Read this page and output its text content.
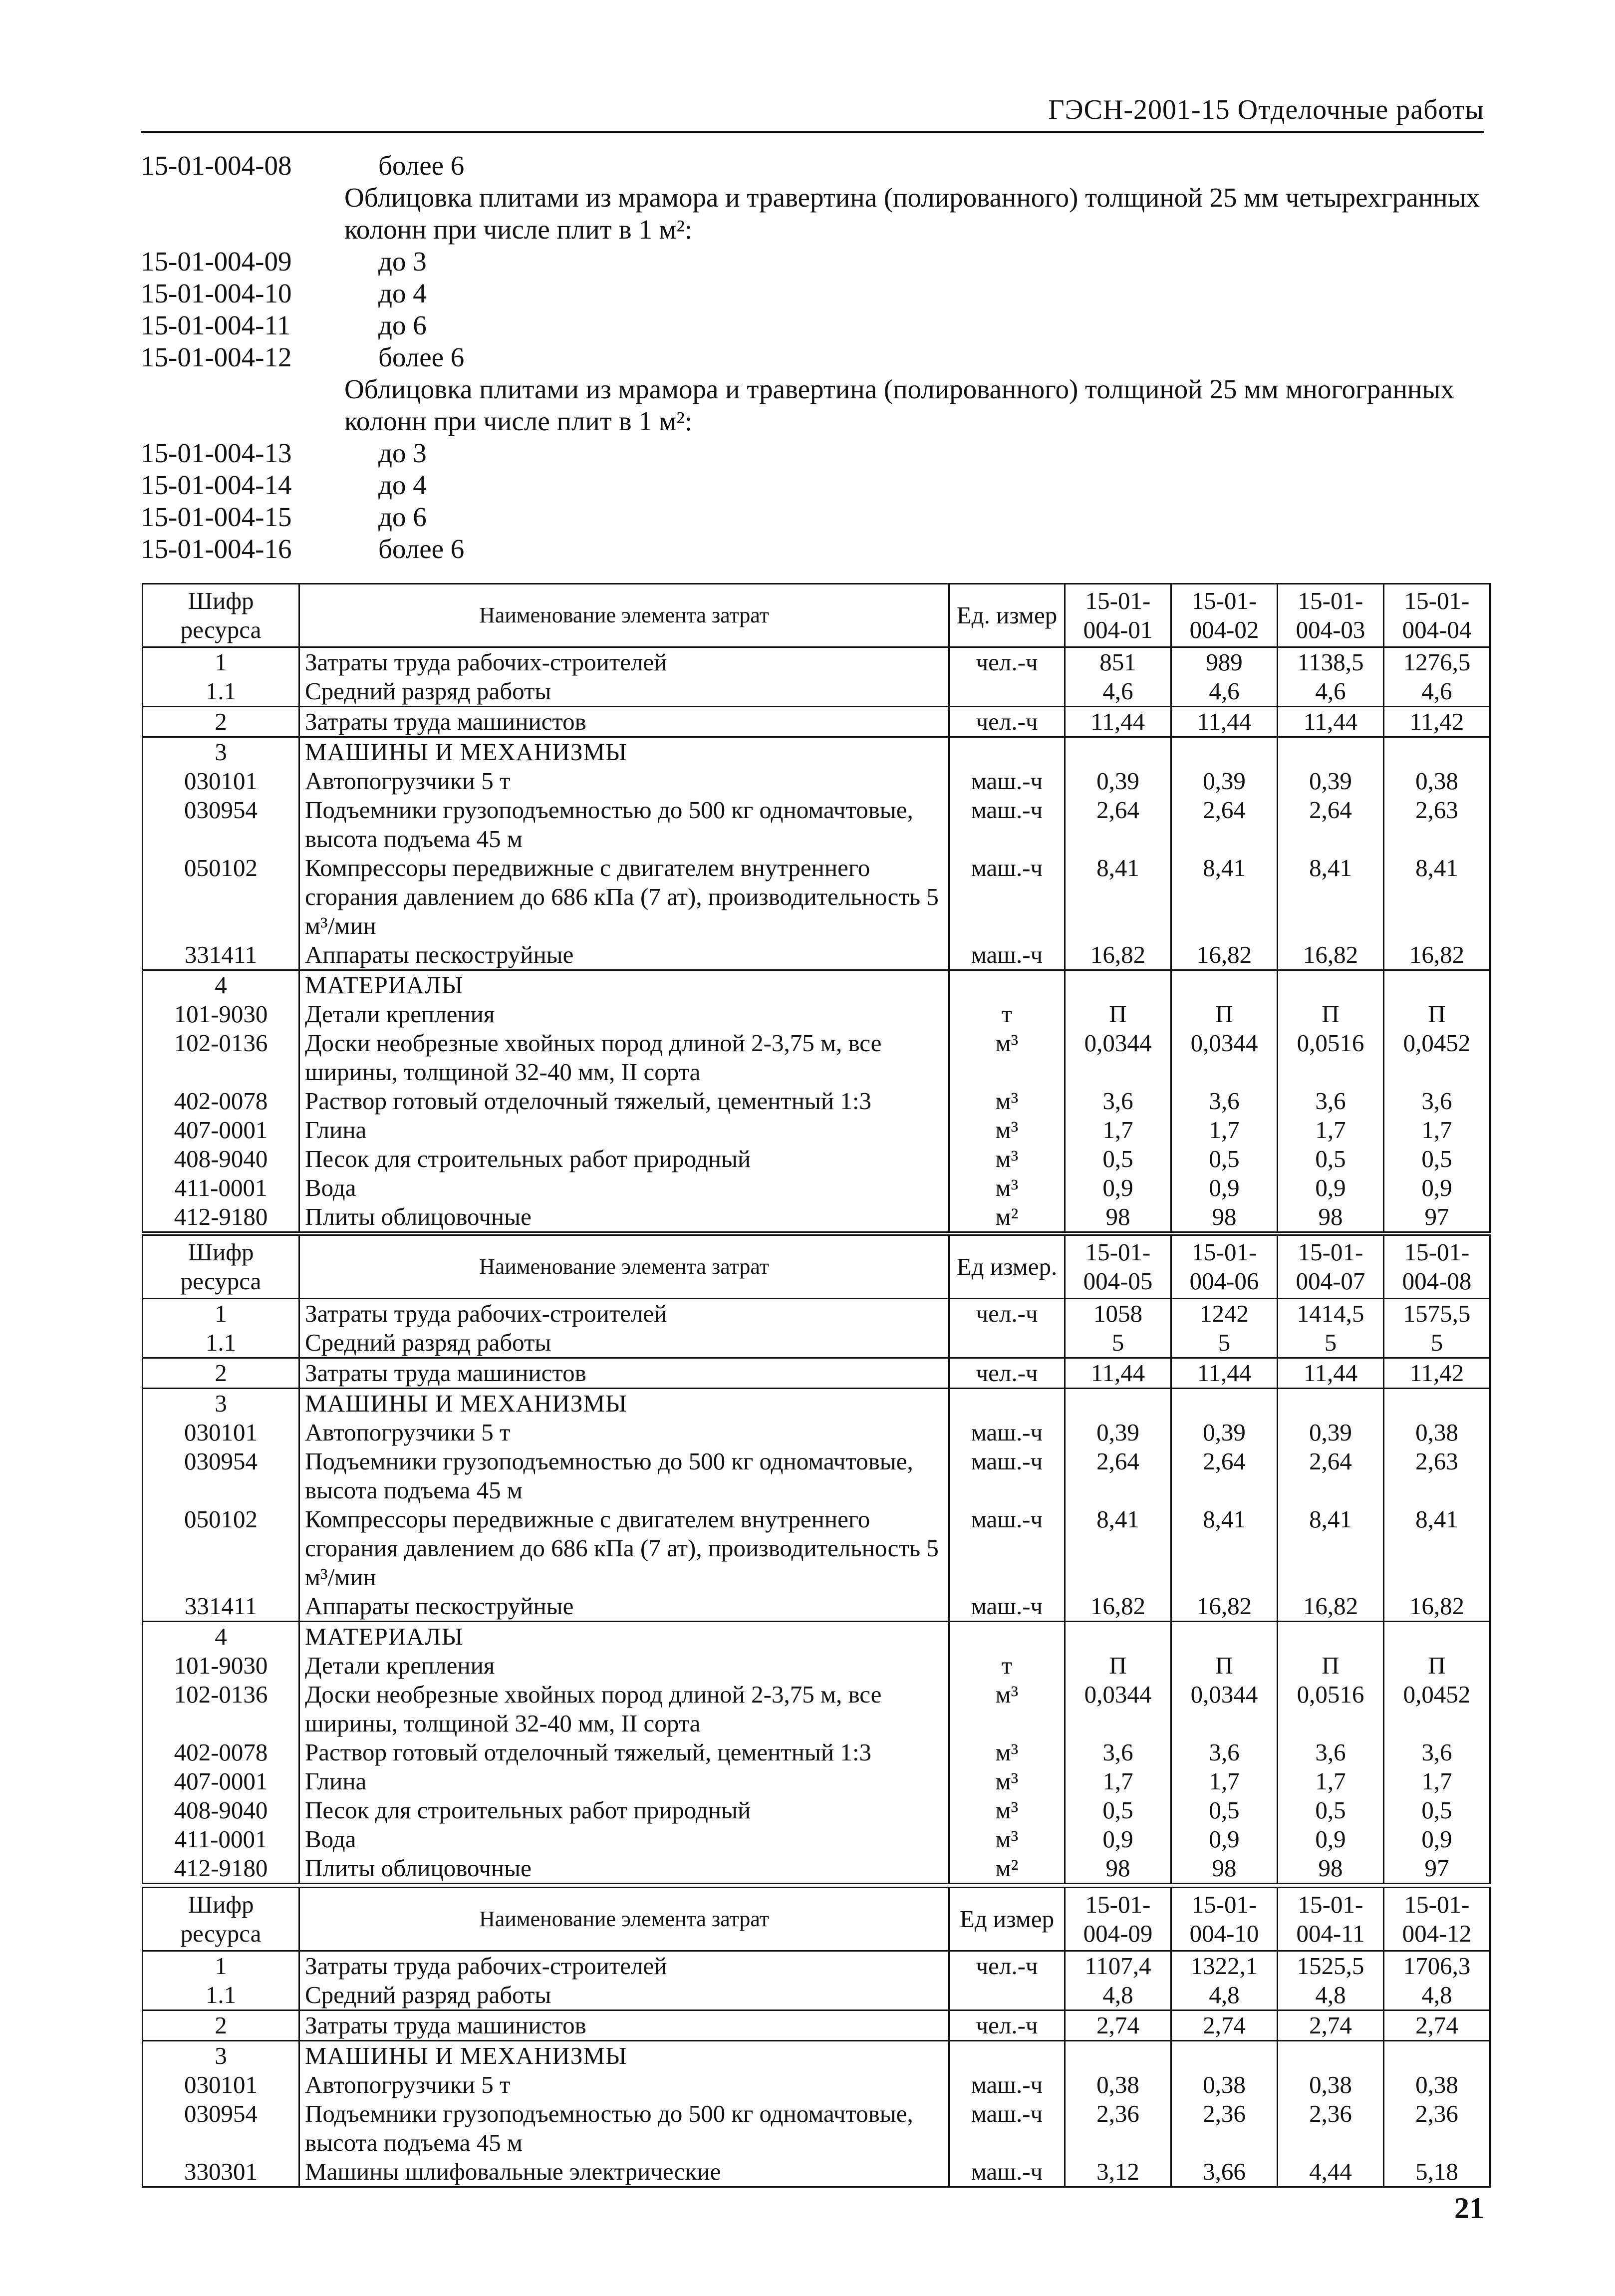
ГЭСН-2001-15 Отделочные работы
15-01-004-08	более 6
Облицовка плитами из мрамора и травертина (полированного) толщиной 25 мм четырехгранных колонн при числе плит в 1 м²:
15-01-004-09	до 3
15-01-004-10	до 4
15-01-004-11	до 6
15-01-004-12	более 6
Облицовка плитами из мрамора и травертина (полированного) толщиной 25 мм многогранных колонн при числе плит в 1 м²:
15-01-004-13	до 3
15-01-004-14	до 4
15-01-004-15	до 6
15-01-004-16	более 6
Шифр ресурса	Наименование элемента затрат	Ед. измер	15-01-004-01	15-01-004-02	15-01-004-03	15-01-004-04
1	Затраты труда рабочих-строителей	чел.-ч	851	989	1138,5	1276,5
1.1	Средний разряд работы		4,6	4,6	4,6	4,6
2	Затраты труда машинистов	чел.-ч	11,44	11,44	11,44	11,42
3	МАШИНЫ И МЕХАНИЗМЫ					
030101	Автопогрузчики 5 т	маш.-ч	0,39	0,39	0,39	0,38
030954	Подъемники грузоподъемностью до 500 кг одномачтовые, высота подъема 45 м	маш.-ч	2,64	2,64	2,64	2,63
050102	Компрессоры передвижные с двигателем внутреннего сгорания давлением до 686 кПа (7 ат), производительность 5 м³/мин	маш.-ч	8,41	8,41	8,41	8,41
331411	Аппараты пескоструйные	маш.-ч	16,82	16,82	16,82	16,82
4	МАТЕРИАЛЫ					
101-9030	Детали крепления	т	П	П	П	П
102-0136	Доски необрезные хвойных пород длиной 2-3,75 м, все ширины, толщиной 32-40 мм, II сорта	м³	0,0344	0,0344	0,0516	0,0452
402-0078	Раствор готовый отделочный тяжелый, цементный 1:3	м³	3,6	3,6	3,6	3,6
407-0001	Глина	м³	1,7	1,7	1,7	1,7
408-9040	Песок для строительных работ природный	м³	0,5	0,5	0,5	0,5
411-0001	Вода	м³	0,9	0,9	0,9	0,9
412-9180	Плиты облицовочные	м²	98	98	98	97
Шифр ресурса	Наименование элемента затрат	Ед измер.	15-01-004-05	15-01-004-06	15-01-004-07	15-01-004-08
1	Затраты труда рабочих-строителей	чел.-ч	1058	1242	1414,5	1575,5
1.1	Средний разряд работы		5	5	5	5
2	Затраты труда машинистов	чел.-ч	11,44	11,44	11,44	11,42
3	МАШИНЫ И МЕХАНИЗМЫ					
030101	Автопогрузчики 5 т	маш.-ч	0,39	0,39	0,39	0,38
030954	Подъемники грузоподъемностью до 500 кг одномачтовые, высота подъема 45 м	маш.-ч	2,64	2,64	2,64	2,63
050102	Компрессоры передвижные с двигателем внутреннего сгорания давлением до 686 кПа (7 ат), производительность 5 м³/мин	маш.-ч	8,41	8,41	8,41	8,41
331411	Аппараты пескоструйные	маш.-ч	16,82	16,82	16,82	16,82
4	МАТЕРИАЛЫ					
101-9030	Детали крепления	т	П	П	П	П
102-0136	Доски необрезные хвойных пород длиной 2-3,75 м, все ширины, толщиной 32-40 мм, II сорта	м³	0,0344	0,0344	0,0516	0,0452
402-0078	Раствор готовый отделочный тяжелый, цементный 1:3	м³	3,6	3,6	3,6	3,6
407-0001	Глина	м³	1,7	1,7	1,7	1,7
408-9040	Песок для строительных работ природный	м³	0,5	0,5	0,5	0,5
411-0001	Вода	м³	0,9	0,9	0,9	0,9
412-9180	Плиты облицовочные	м²	98	98	98	97
Шифр ресурса	Наименование элемента затрат	Ед измер	15-01-004-09	15-01-004-10	15-01-004-11	15-01-004-12
1	Затраты труда рабочих-строителей	чел.-ч	1107,4	1322,1	1525,5	1706,3
1.1	Средний разряд работы		4,8	4,8	4,8	4,8
2	Затраты труда машинистов	чел.-ч	2,74	2,74	2,74	2,74
3	МАШИНЫ И МЕХАНИЗМЫ					
030101	Автопогрузчики 5 т	маш.-ч	0,38	0,38	0,38	0,38
030954	Подъемники грузоподъемностью до 500 кг одномачтовые, высота подъема 45 м	маш.-ч	2,36	2,36	2,36	2,36
330301	Машины шлифовальные электрические	маш.-ч	3,12	3,66	4,44	5,18
21
